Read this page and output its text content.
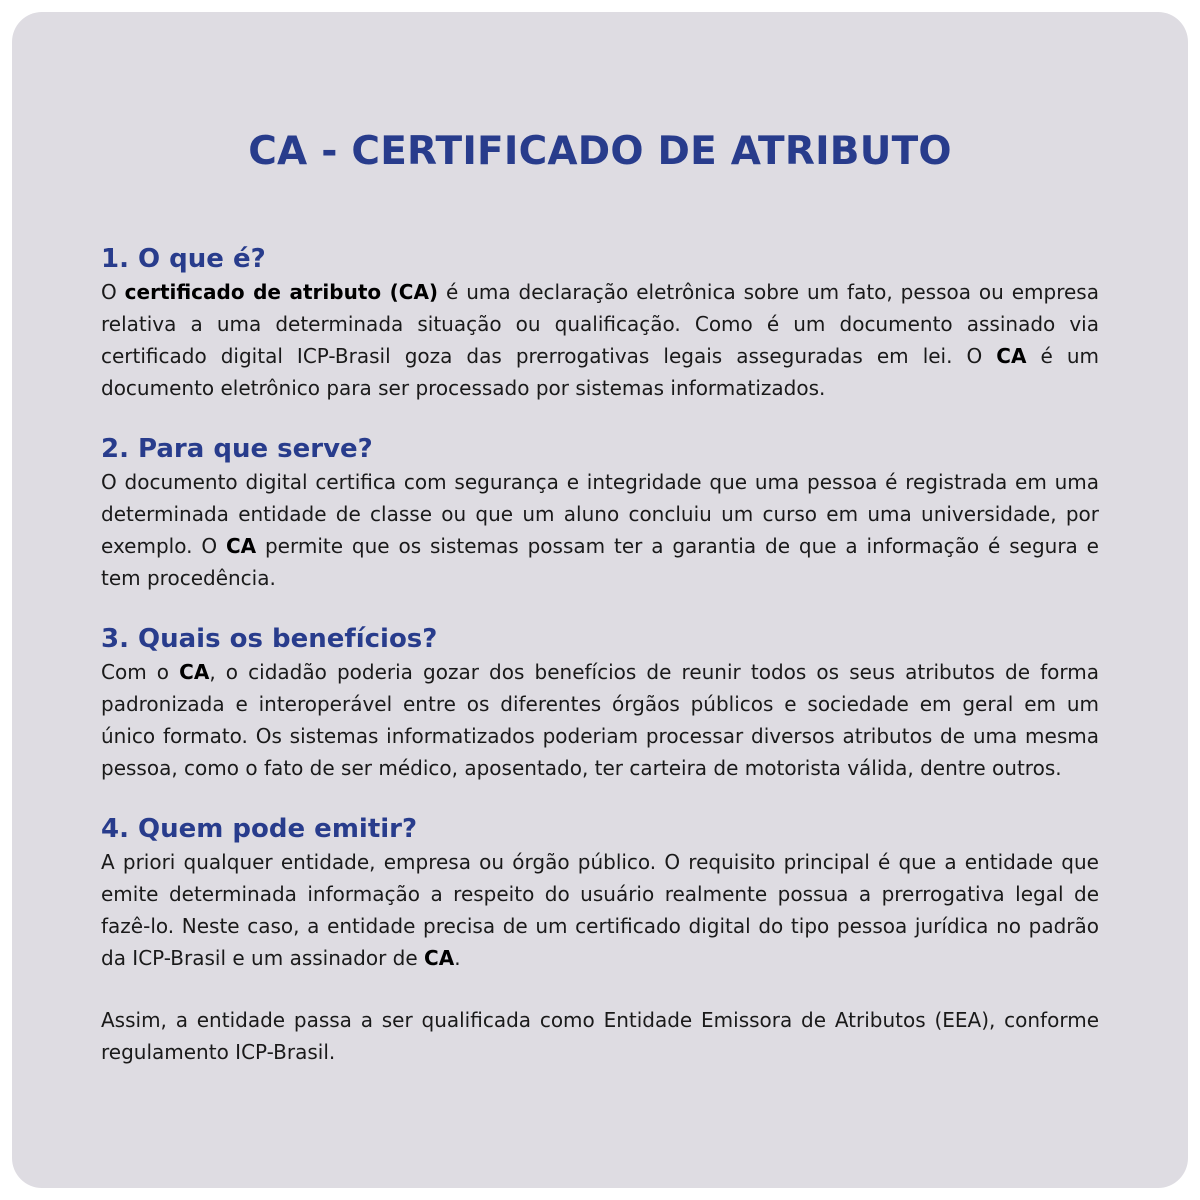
CA - CERTIFICADO DE ATRIBUTO
1. O que é?

O certificado de atributo (CA) é uma declaração eletrônica sobre um fato, pessoa ou empresa relativa a uma determinada situação ou qualificação. Como é um documento assinado via certificado digital ICP-Brasil goza das prerrogativas legais asseguradas em lei. O CA é um documento eletrônico para ser processado por sistemas informatizados.

2. Para que serve?

O documento digital certifica com segurança e integridade que uma pessoa é registrada em uma determinada entidade de classe ou que um aluno concluiu um curso em uma universidade, por exemplo. O CA permite que os sistemas possam ter a garantia de que a informação é segura e tem procedência.

3. Quais os benefícios?

Com o CA, o cidadão poderia gozar dos benefícios de reunir todos os seus atributos de forma padronizada e interoperável entre os diferentes órgãos públicos e sociedade em geral em um único formato. Os sistemas informatizados poderiam processar diversos atributos de uma mesma pessoa, como o fato de ser médico, aposentado, ter carteira de motorista válida, dentre outros.

4. Quem pode emitir?

A priori qualquer entidade, empresa ou órgão público. O requisito principal é que a entidade que emite determinada informação a respeito do usuário realmente possua a prerrogativa legal de fazê-lo. Neste caso, a entidade precisa de um certificado digital do tipo pessoa jurídica no padrão da ICP-Brasil e um assinador de CA.

Assim, a entidade passa a ser qualificada como Entidade Emissora de Atributos (EEA), conforme regulamento ICP-Brasil.
